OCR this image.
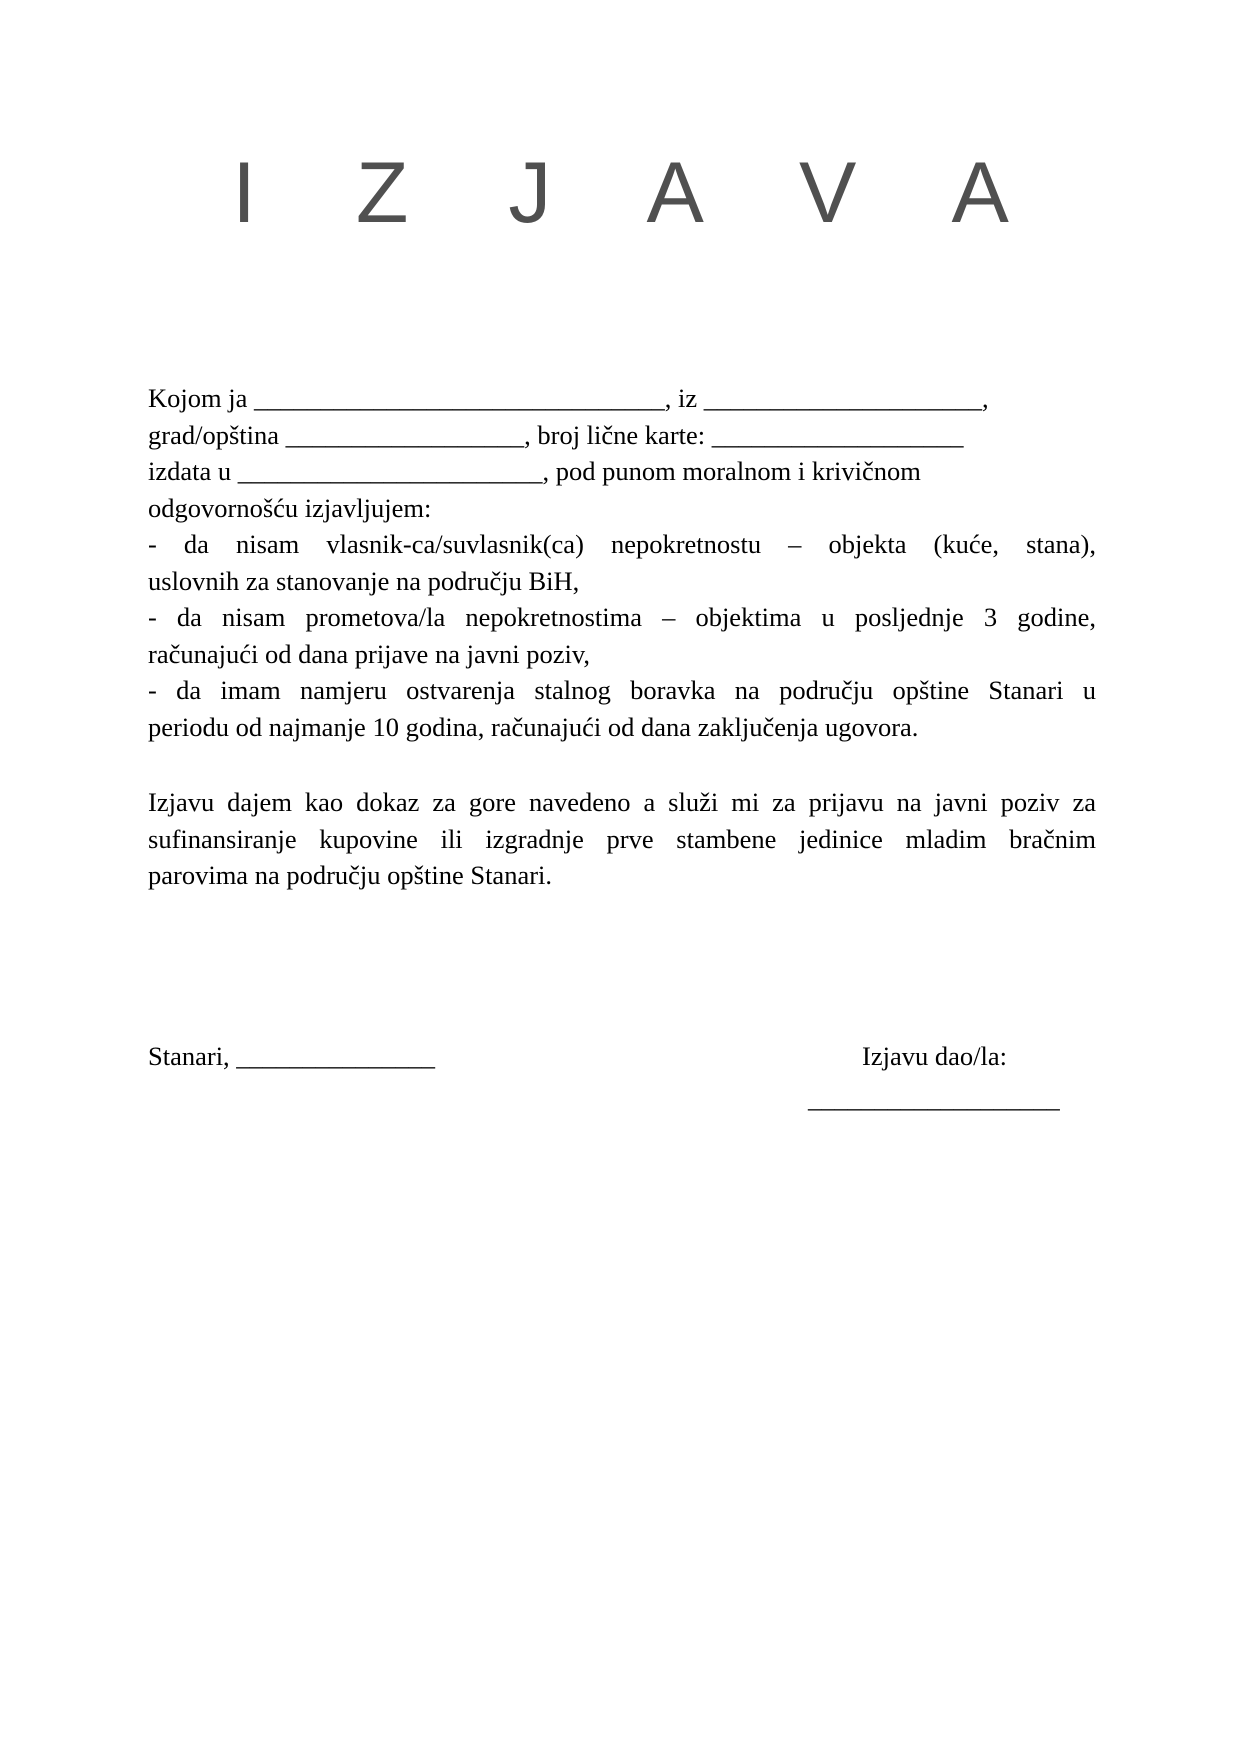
I Z J A V A
Kojom ja _______________________________, iz _____________________,
grad/opština __________________, broj lične karte: ___________________
izdata u _______________________, pod punom moralnom i krivičnom
odgovornošću izjavljujem:
- da nisam vlasnik-ca/suvlasnik(ca) nepokretnostu – objekta (kuće, stana),
uslovnih za stanovanje na području BiH,
- da nisam prometova/la nepokretnostima – objektima u posljednje 3 godine,
računajući od dana prijave na javni poziv,
- da imam namjeru ostvarenja stalnog boravka na području opštine Stanari u
periodu od najmanje 10 godina, računajući od dana zaključenja ugovora.
Izjavu dajem kao dokaz za gore navedeno a služi mi za prijavu na javni poziv za
sufinansiranje kupovine ili izgradnje prve stambene jedinice mladim bračnim
parovima na području opštine Stanari.
Stanari, _______________	Izjavu dao/la:
___________________
